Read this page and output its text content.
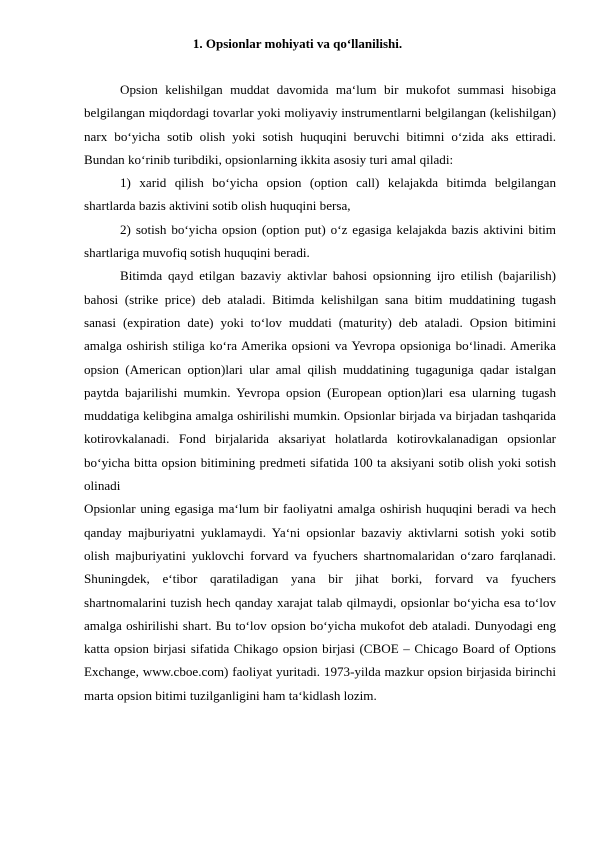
1. Opsionlar mohiyati va qo‘llanilishi.

Opsion kelishilgan muddat davomida ma‘lum bir mukofot summasi hisobiga belgilangan miqdordagi tovarlar yoki moliyaviy instrumentlarni belgilangan (kelishilgan) narx bo‘yicha sotib olish yoki sotish huquqini beruvchi bitimni o‘zida aks ettiradi. Bundan ko‘rinib turibdiki, opsionlarning ikkita asosiy turi amal qiladi:

1) xarid qilish bo‘yicha opsion (option call) kelajakda bitimda belgilangan shartlarda bazis aktivini sotib olish huquqini bersa,

2) sotish bo‘yicha opsion (option put) o‘z egasiga kelajakda bazis aktivini bitim shartlariga muvofiq sotish huquqini beradi.

Bitimda qayd etilgan bazaviy aktivlar bahosi opsionning ijro etilish (bajarilish) bahosi (strike price) deb ataladi. Bitimda kelishilgan sana bitim muddatining tugash sanasi (expiration date) yoki to‘lov muddati (maturity) deb ataladi. Opsion bitimini amalga oshirish stiliga ko‘ra Amerika opsioni va Yevropa opsioniga bo‘linadi. Amerika opsion (American option)lari ular amal qilish muddatining tugaguniga qadar istalgan paytda bajarilishi mumkin. Yevropa opsion (European option)lari esa ularning tugash muddatiga kelibgina amalga oshirilishi mumkin. Opsionlar birjada va birjadan tashqarida kotirovkalanadi. Fond birjalarida aksariyat holatlarda kotirovkalanadigan opsionlar bo‘yicha bitta opsion bitimining predmeti sifatida 100 ta aksiyani sotib olish yoki sotish olinadi

Opsionlar uning egasiga ma‘lum bir faoliyatni amalga oshirish huquqini beradi va hech qanday majburiyatni yuklamaydi. Ya‘ni opsionlar bazaviy aktivlarni sotish yoki sotib olish majburiyatini yuklovchi forvard va fyuchers shartnomalaridan o‘zaro farqlanadi. Shuningdek, e‘tibor qaratiladigan yana bir jihat borki, forvard va fyuchers shartnomalarini tuzish hech qanday xarajat talab qilmaydi, opsionlar bo‘yicha esa to‘lov amalga oshirilishi shart. Bu to‘lov opsion bo‘yicha mukofot deb ataladi. Dunyodagi eng katta opsion birjasi sifatida Chikago opsion birjasi (CBOE – Chicago Board of Options Exchange, www.cboe.com) faoliyat yuritadi. 1973-yilda mazkur opsion birjasida birinchi marta opsion bitimi tuzilganligini ham ta‘kidlash lozim.
